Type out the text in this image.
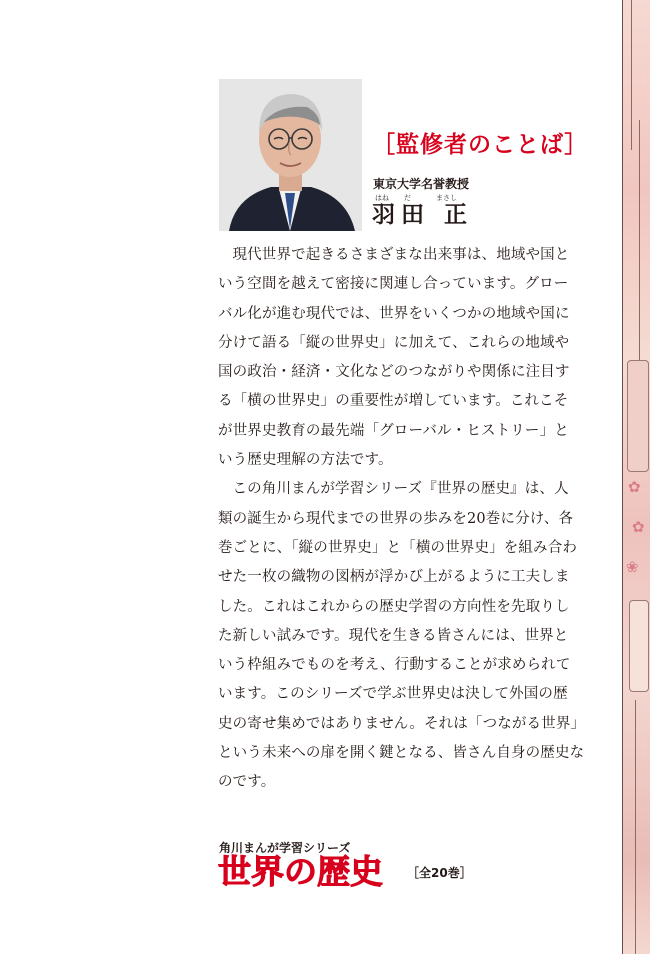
✿
✿
❀
［監修者のことば］
東京大学名誉教授
はね だ	まさし
羽田 正

現代世界で起きるさまざまな出来事は、地域や国と
いう空間を越えて密接に関連し合っています。グロー
バル化が進む現代では、世界をいくつかの地域や国に
分けて語る「縦の世界史」に加えて、これらの地域や
国の政治・経済・文化などのつながりや関係に注目す
る「横の世界史」の重要性が増しています。これこそ
が世界史教育の最先端「グローバル・ヒストリー」と
いう歴史理解の方法です。

この角川まんが学習シリーズ『世界の歴史』は、人
類の誕生から現代までの世界の歩みを20巻に分け、各
巻ごとに、「縦の世界史」と「横の世界史」を組み合わ
せた一枚の織物の図柄が浮かび上がるように工夫しま
した。これはこれからの歴史学習の方向性を先取りし
た新しい試みです。現代を生きる皆さんには、世界と
いう枠組みでものを考え、行動することが求められて
います。このシリーズで学ぶ世界史は決して外国の歴
史の寄せ集めではありません。それは「つながる世界」
という未来への扉を開く鍵となる、皆さん自身の歴史な
のです。

角川まんが学習シリーズ
世界の歴史 ［全20巻］
